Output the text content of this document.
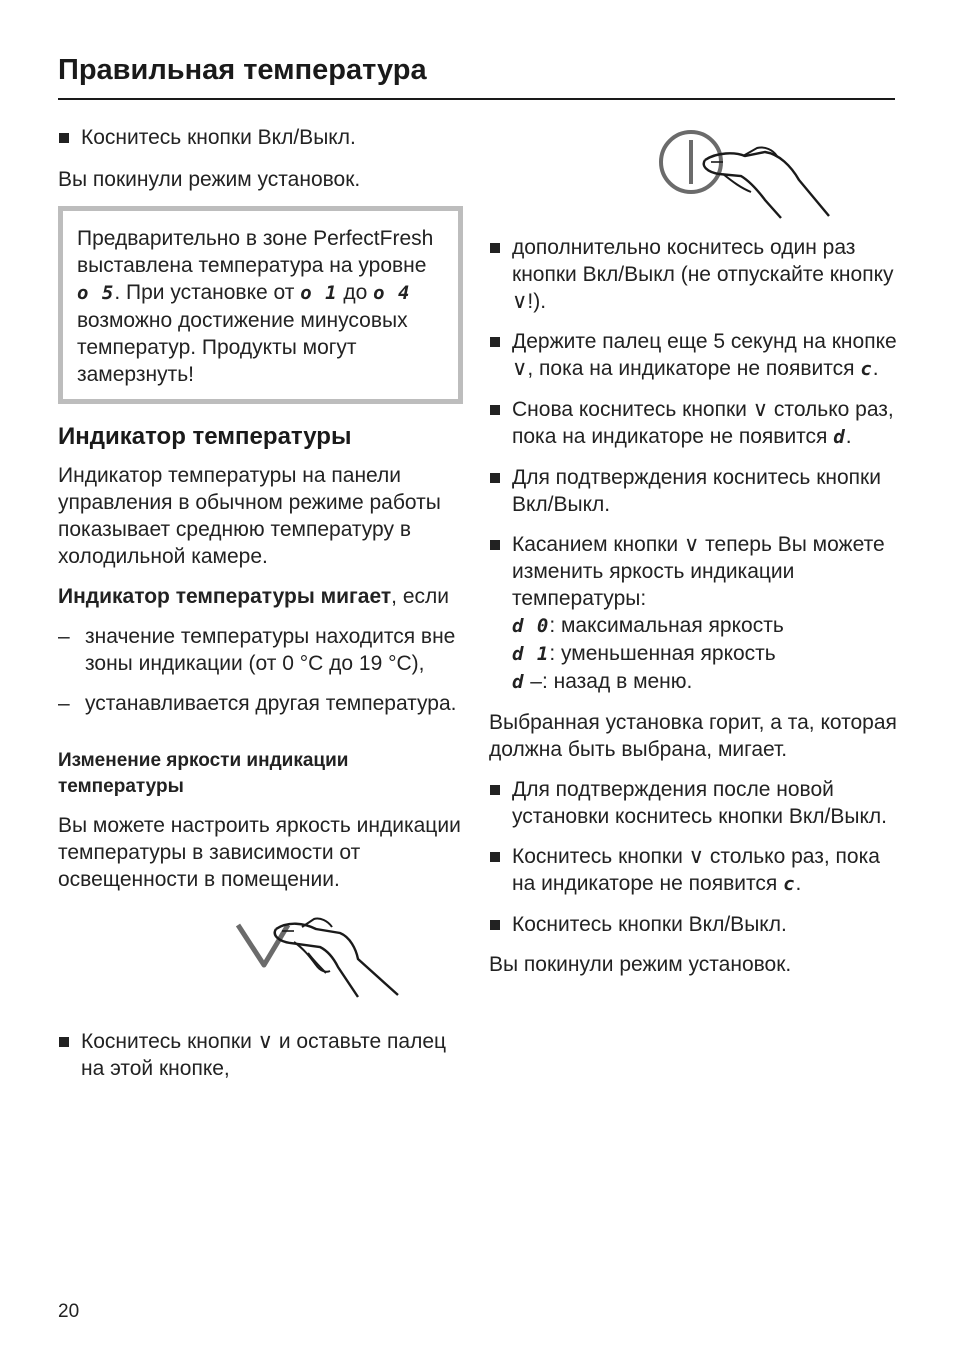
Правильная температура

Коснитесь кнопки Вкл/Выкл.

Вы покинули режим установок.

Предварительно в зоне PerfectFresh выставлена температура на уровне o 5. При установке от o 1 до o 4 возможно достижение минусовых температур. Продукты могут замерзнуть!

Индикатор температуры

Индикатор температуры на панели управления в обычном режиме работы показывает среднюю температуру в холодильной камере.

Индикатор температуры мигает, если

– значение температуры находится вне зоны индикации (от 0 °C до 19 °C),

– устанавливается другая температура.

Изменение яркости индикации температуры

Вы можете настроить яркость индикации температуры в зависимости от освещенности в помещении.

Коснитесь кнопки ∨ и оставьте палец на этой кнопке,

дополнительно коснитесь один раз кнопки Вкл/Выкл (не отпускайте кнопку ∨!).

Держите палец еще 5 секунд на кнопке ∨, пока на индикаторе не появится c.

Снова коснитесь кнопки ∨ столько раз, пока на индикаторе не появится d.

Для подтверждения коснитесь кнопки Вкл/Выкл.

Касанием кнопки ∨ теперь Вы можете изменить яркость индикации температуры:

d 0: максимальная яркость

d 1: уменьшенная яркость

d –: назад в меню.

Выбранная установка горит, а та, которая должна быть выбрана, мигает.

Для подтверждения после новой установки коснитесь кнопки Вкл/Выкл.

Коснитесь кнопки ∨ столько раз, пока на индикаторе не появится c.

Коснитесь кнопки Вкл/Выкл.

Вы покинули режим установок.

20
